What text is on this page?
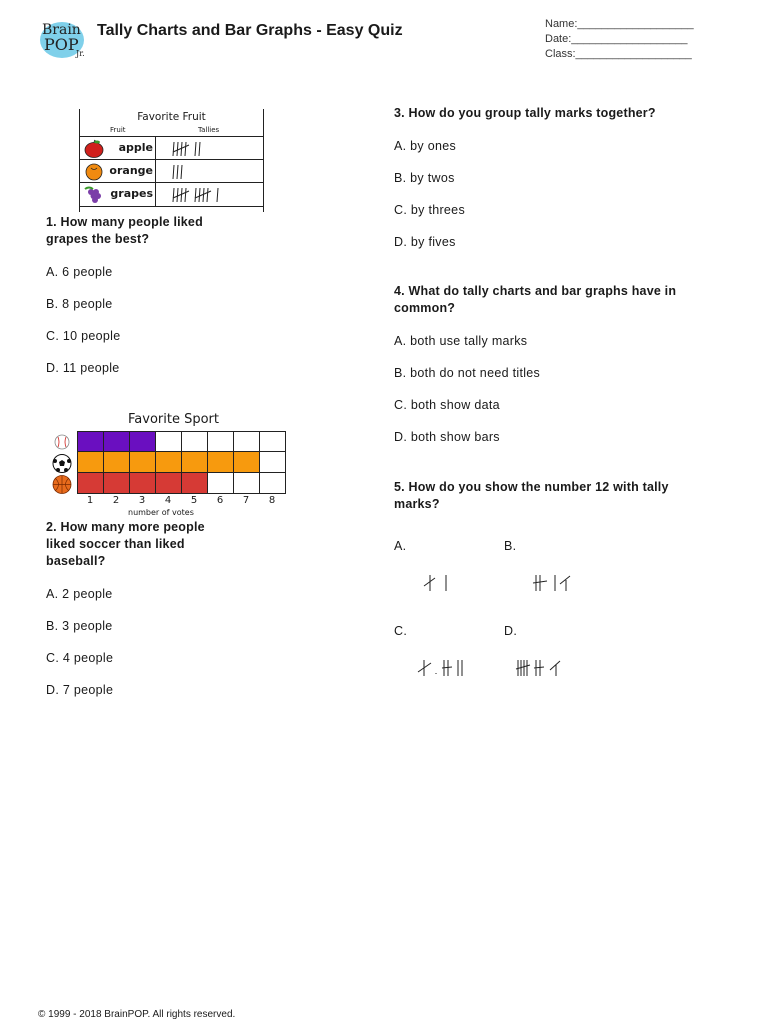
Brain
POP
Jr.
Tally Charts and Bar Graphs - Easy Quiz	Name:___________________
Date:___________________
Class:___________________
Favorite Fruit
Fruit	Tallies
apple
orange
grapes
1. How many people liked grapes the best?
A. 6 people
B. 8 people
C. 10 people
D. 11 people
Favorite Sport
1	2	3	4	5	6	7	8
number of votes
2. How many more people liked soccer than liked baseball?
A. 2 people
B. 3 people
C. 4 people
D. 7 people
3. How do you group tally marks together?
A. by ones
B. by twos
C. by threes
D. by fives
4. What do tally charts and bar graphs have in common?
A. both use tally marks
B. both do not need titles
C. both show data
D. both show bars
5. How do you show the number 12 with tally marks?
A.	B.
C.	D.
© 1999 - 2018 BrainPOP. All rights reserved.
